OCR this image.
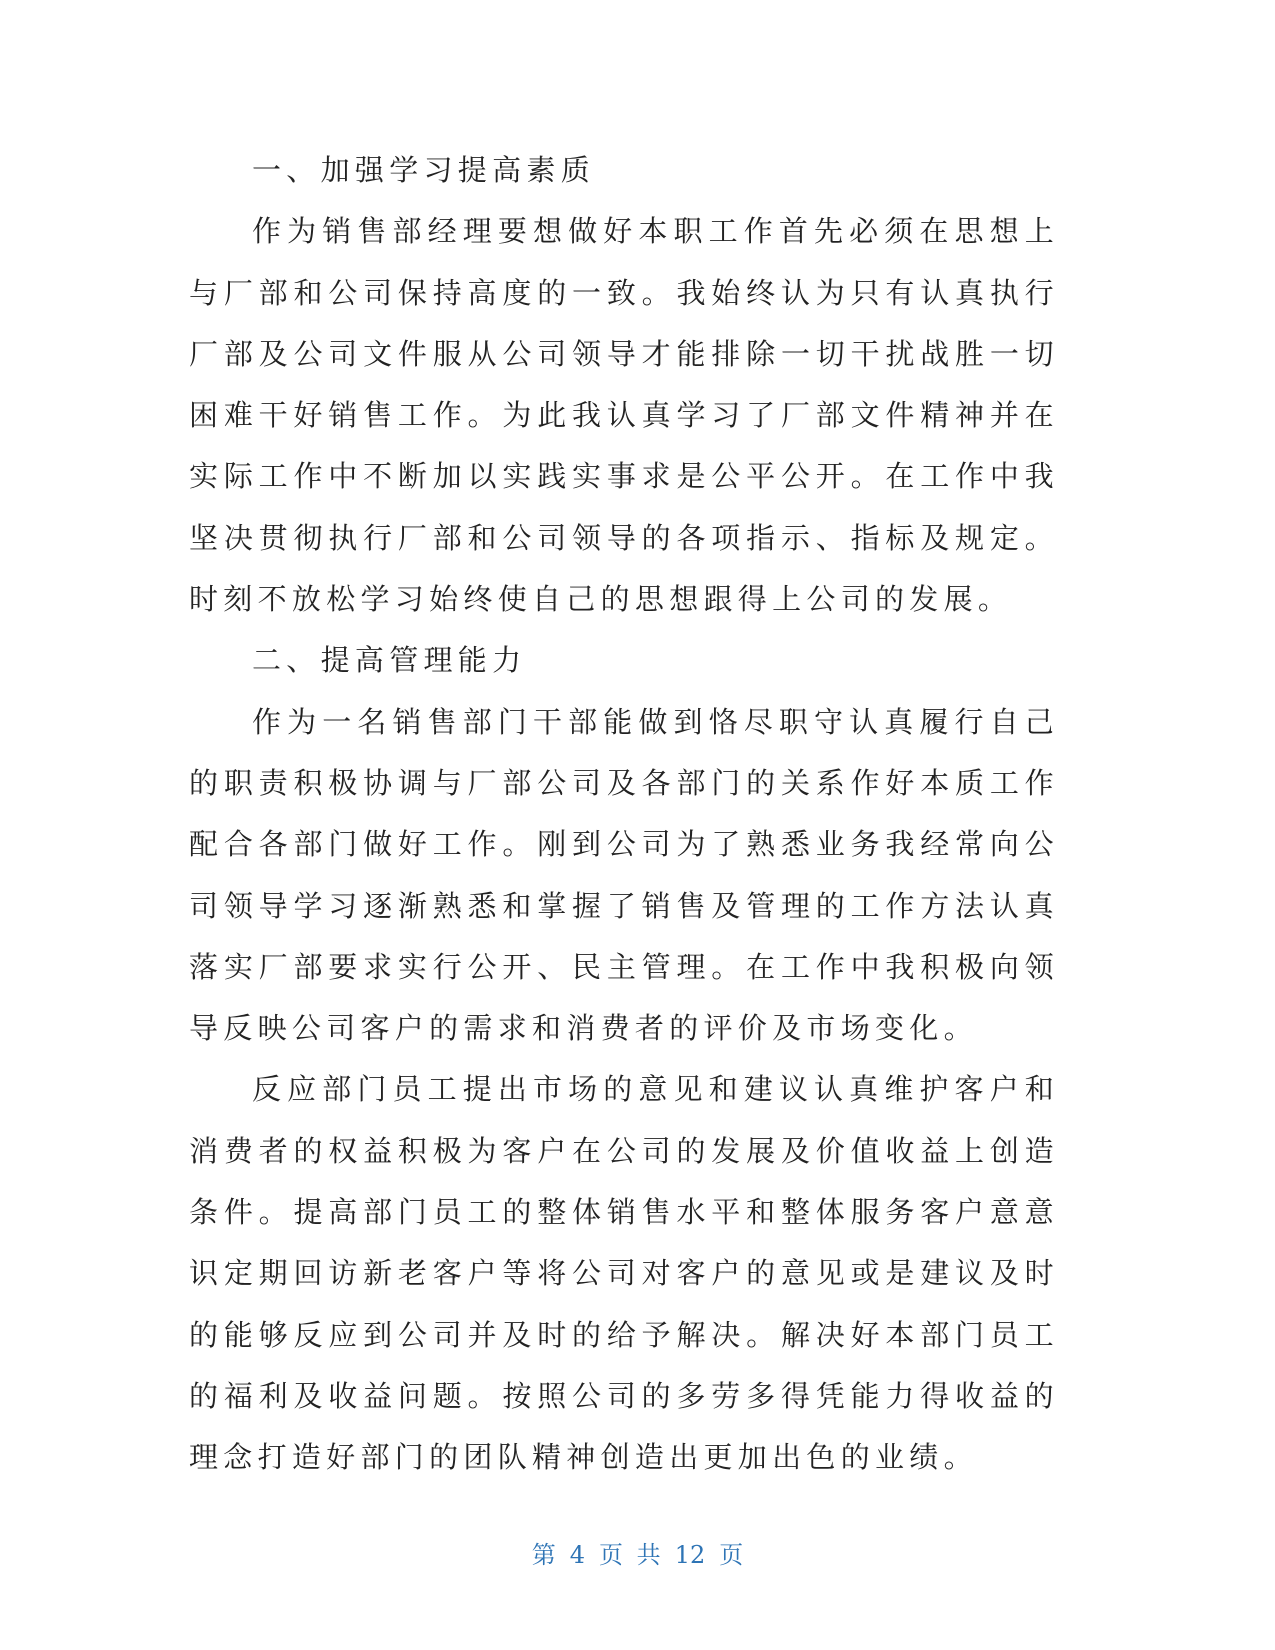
一、加强学习提高素质

作为销售部经理要想做好本职工作首先必须在思想上与厂部和公司保持高度的一致。我始终认为只有认真执行厂部及公司文件服从公司领导才能排除一切干扰战胜一切困难干好销售工作。为此我认真学习了厂部文件精神并在实际工作中不断加以实践实事求是公平公开。在工作中我坚决贯彻执行厂部和公司领导的各项指示、指标及规定。时刻不放松学习始终使自己的思想跟得上公司的发展。

二、提高管理能力

作为一名销售部门干部能做到恪尽职守认真履行自己的职责积极协调与厂部公司及各部门的关系作好本质工作配合各部门做好工作。刚到公司为了熟悉业务我经常向公司领导学习逐渐熟悉和掌握了销售及管理的工作方法认真落实厂部要求实行公开、民主管理。在工作中我积极向领导反映公司客户的需求和消费者的评价及市场变化。

反应部门员工提出市场的意见和建议认真维护客户和消费者的权益积极为客户在公司的发展及价值收益上创造条件。提高部门员工的整体销售水平和整体服务客户意意识定期回访新老客户等将公司对客户的意见或是建议及时的能够反应到公司并及时的给予解决。解决好本部门员工的福利及收益问题。按照公司的多劳多得凭能力得收益的理念打造好部门的团队精神创造出更加出色的业绩。

第 4 页 共 12 页
